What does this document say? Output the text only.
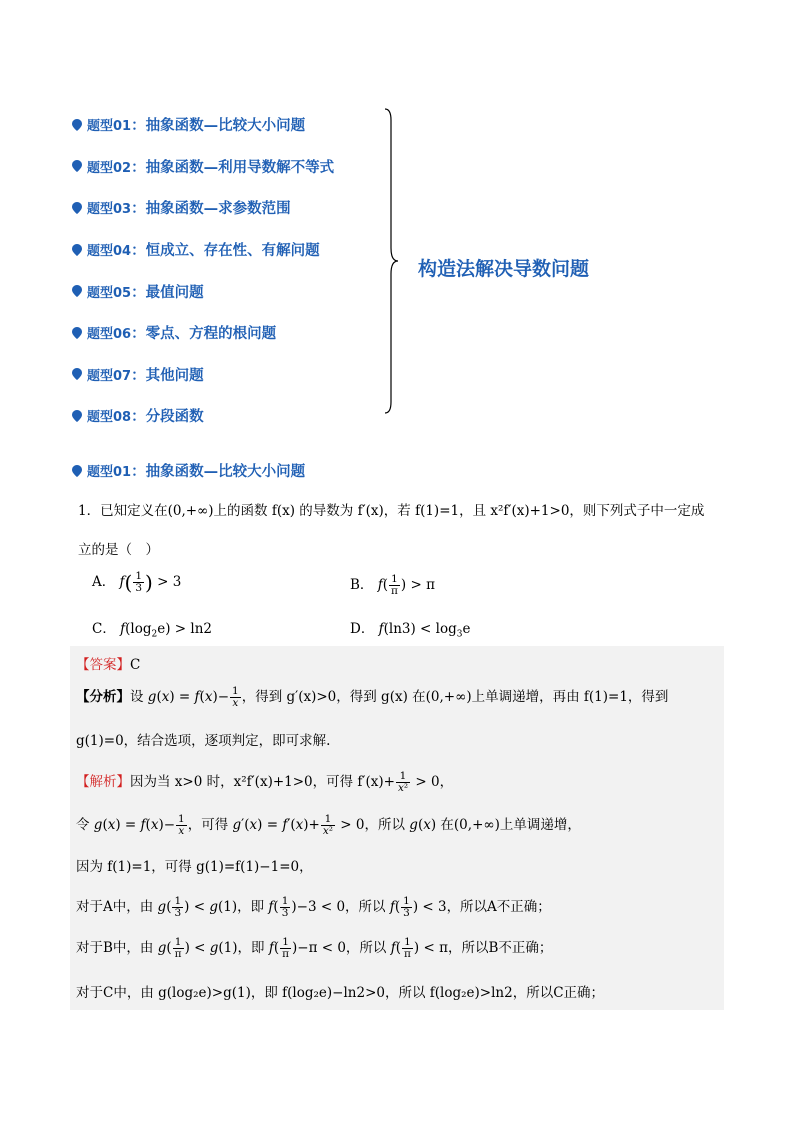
题型01：抽象函数—比较大小问题
题型02：抽象函数—利用导数解不等式
题型03：抽象函数—求参数范围
题型04：恒成立、存在性、有解问题
题型05：最值问题
题型06：零点、方程的根问题
题型07：其他问题
题型08：分段函数
构造法解决导数问题
题型01：抽象函数—比较大小问题
1．已知定义在(0,+∞)上的函数 f(x) 的导数为 f′(x)，若 f(1)=1，且 x²f′(x)+1>0，则下列式子中一定成
立的是（　）
A． $f( \frac{1}{3}$ ) > 3	B． $f( \frac{1}{\pi}$ ) > π
C． $f(\log_2e) > \ln 2$	D． $f(\ln 3) < \log_3e$
【答案】C
【分析】设 $g(x) = f(x)- \frac{1}{x}$ ，得到 g′(x)>0，得到 g(x) 在(0,+∞)上单调递增，再由 f(1)=1，得到
g(1)=0，结合选项，逐项判定，即可求解.
【解析】因为当 x>0 时，x²f′(x)+1>0，可得 $f'(x)+ \frac{1}{\text{x²}} > 0$，
令 $g(x) = f(x)- \frac{1}{x}$ ，可得 $g'(x) = f'(x)+ \frac{1}{\text{x²}} > 0$，所以 g(x) 在(0,+∞)上单调递增，
因为 f(1)=1，可得 g(1)=f(1)−1=0，
对于A中，由 $g( \frac{1}{3}$ ) < g(1)，即 $f( \frac{1}{3} )-3 < 0$，所以 $f( \frac{1}{3}$ ) < 3，所以A不正确；
对于B中，由 $g( \frac{1}{\pi}$ ) < g(1)，即 $f( \frac{1}{\pi} )-\pi < 0$，所以 $f( \frac{1}{\pi}$ ) < π，所以B不正确；
对于C中，由 g(log₂e)>g(1)，即 f(log₂e)−ln2>0，所以 f(log₂e)>ln2，所以C正确；
